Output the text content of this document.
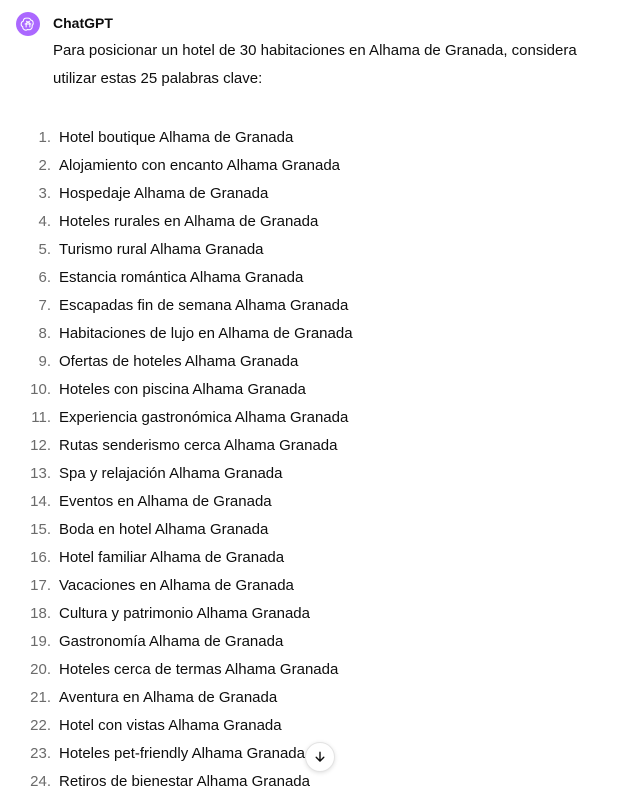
ChatGPT
Para posicionar un hotel de 30 habitaciones en Alhama de Granada, considera utilizar estas 25 palabras clave:
1. Hotel boutique Alhama de Granada
2. Alojamiento con encanto Alhama Granada
3. Hospedaje Alhama de Granada
4. Hoteles rurales en Alhama de Granada
5. Turismo rural Alhama Granada
6. Estancia romántica Alhama Granada
7. Escapadas fin de semana Alhama Granada
8. Habitaciones de lujo en Alhama de Granada
9. Ofertas de hoteles Alhama Granada
10. Hoteles con piscina Alhama Granada
11. Experiencia gastronómica Alhama Granada
12. Rutas senderismo cerca Alhama Granada
13. Spa y relajación Alhama Granada
14. Eventos en Alhama de Granada
15. Boda en hotel Alhama Granada
16. Hotel familiar Alhama de Granada
17. Vacaciones en Alhama de Granada
18. Cultura y patrimonio Alhama Granada
19. Gastronomía Alhama de Granada
20. Hoteles cerca de termas Alhama Granada
21. Aventura en Alhama de Granada
22. Hotel con vistas Alhama Granada
23. Hoteles pet-friendly Alhama Granada
24. Retiros de bienestar Alhama Granada
